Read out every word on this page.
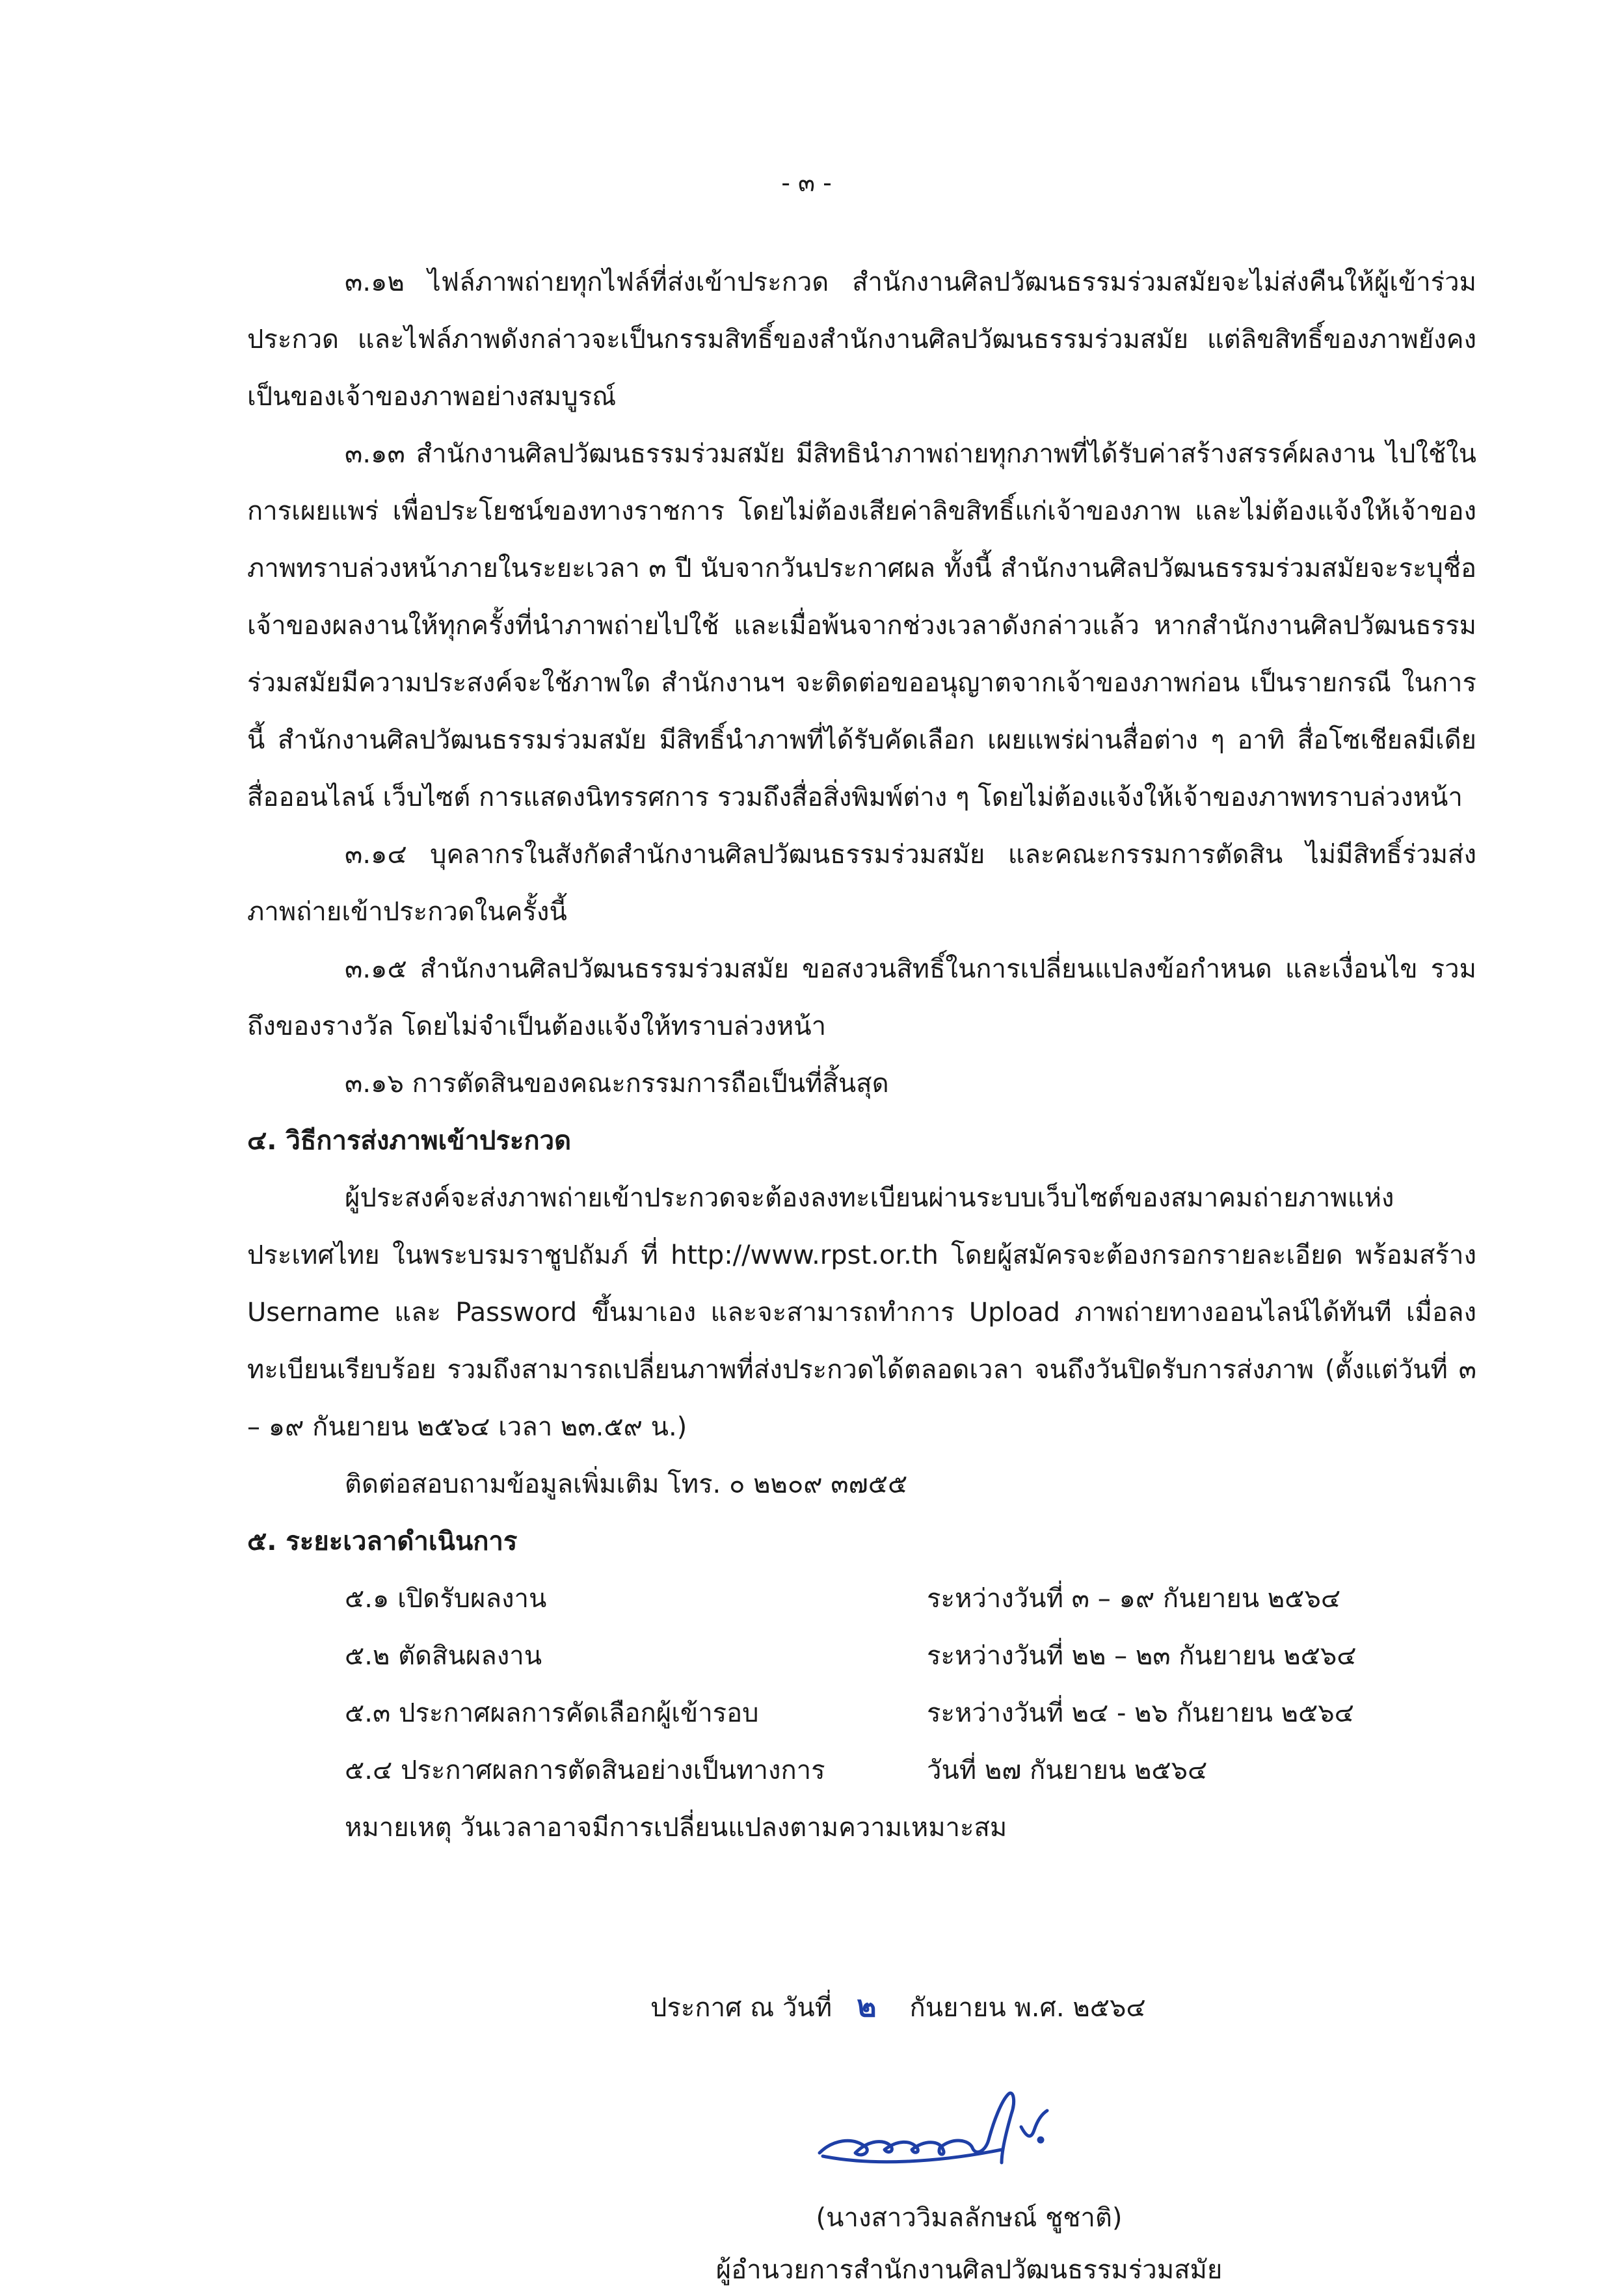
- ๓ -

๓.๑๒ ไฟล์ภาพถ่ายทุกไฟล์ที่ส่งเข้าประกวด สำนักงานศิลปวัฒนธรรมร่วมสมัยจะไม่ส่งคืนให้ผู้เข้าร่วมประกวด และไฟล์ภาพดังกล่าวจะเป็นกรรมสิทธิ์ของสำนักงานศิลปวัฒนธรรมร่วมสมัย แต่ลิขสิทธิ์ของภาพยังคงเป็นของเจ้าของภาพอย่างสมบูรณ์

๓.๑๓ สำนักงานศิลปวัฒนธรรมร่วมสมัย มีสิทธินำภาพถ่ายทุกภาพที่ได้รับค่าสร้างสรรค์ผลงาน ไปใช้ในการเผยแพร่ เพื่อประโยชน์ของทางราชการ โดยไม่ต้องเสียค่าลิขสิทธิ์แก่เจ้าของภาพ และไม่ต้องแจ้งให้เจ้าของภาพทราบล่วงหน้าภายในระยะเวลา ๓ ปี นับจากวันประกาศผล ทั้งนี้ สำนักงานศิลปวัฒนธรรมร่วมสมัยจะระบุชื่อเจ้าของผลงานให้ทุกครั้งที่นำภาพถ่ายไปใช้ และเมื่อพ้นจากช่วงเวลาดังกล่าวแล้ว หากสำนักงานศิลปวัฒนธรรมร่วมสมัยมีความประสงค์จะใช้ภาพใด สำนักงานฯ จะติดต่อขออนุญาตจากเจ้าของภาพก่อน เป็นรายกรณี ในการนี้ สำนักงานศิลปวัฒนธรรมร่วมสมัย มีสิทธิ์นำภาพที่ได้รับคัดเลือก เผยแพร่ผ่านสื่อต่าง ๆ อาทิ สื่อโซเชียลมีเดีย สื่อออนไลน์ เว็บไซต์ การแสดงนิทรรศการ รวมถึงสื่อสิ่งพิมพ์ต่าง ๆ โดยไม่ต้องแจ้งให้เจ้าของภาพทราบล่วงหน้า

๓.๑๔ บุคลากรในสังกัดสำนักงานศิลปวัฒนธรรมร่วมสมัย และคณะกรรมการตัดสิน ไม่มีสิทธิ์ร่วมส่งภาพถ่ายเข้าประกวดในครั้งนี้

๓.๑๕ สำนักงานศิลปวัฒนธรรมร่วมสมัย ขอสงวนสิทธิ์ในการเปลี่ยนแปลงข้อกำหนด และเงื่อนไข รวมถึงของรางวัล โดยไม่จำเป็นต้องแจ้งให้ทราบล่วงหน้า

๓.๑๖ การตัดสินของคณะกรรมการถือเป็นที่สิ้นสุด

๔. วิธีการส่งภาพเข้าประกวด

ผู้ประสงค์จะส่งภาพถ่ายเข้าประกวดจะต้องลงทะเบียนผ่านระบบเว็บไซต์ของสมาคมถ่ายภาพแห่งประเทศไทย ในพระบรมราชูปถัมภ์ ที่ http://www.rpst.or.th โดยผู้สมัครจะต้องกรอกรายละเอียด พร้อมสร้าง Username และ Password ขึ้นมาเอง และจะสามารถทำการ Upload ภาพถ่ายทางออนไลน์ได้ทันที เมื่อลงทะเบียนเรียบร้อย รวมถึงสามารถเปลี่ยนภาพที่ส่งประกวดได้ตลอดเวลา จนถึงวันปิดรับการส่งภาพ (ตั้งแต่วันที่ ๓ – ๑๙ กันยายน ๒๕๖๔ เวลา ๒๓.๕๙ น.)

ติดต่อสอบถามข้อมูลเพิ่มเติม โทร. ๐ ๒๒๐๙ ๓๗๕๕

๕. ระยะเวลาดำเนินการ

๕.๑ เปิดรับผลงาน	ระหว่างวันที่ ๓ – ๑๙ กันยายน ๒๕๖๔
๕.๒ ตัดสินผลงาน	ระหว่างวันที่ ๒๒ – ๒๓ กันยายน ๒๕๖๔
๕.๓ ประกาศผลการคัดเลือกผู้เข้ารอบ	ระหว่างวันที่ ๒๔ - ๒๖ กันยายน ๒๕๖๔
๕.๔ ประกาศผลการตัดสินอย่างเป็นทางการ	วันที่ ๒๗ กันยายน ๒๕๖๔

หมายเหตุ วันเวลาอาจมีการเปลี่ยนแปลงตามความเหมาะสม

ประกาศ ณ วันที่ ๒ กันยายน พ.ศ. ๒๕๖๔
(นางสาววิมลลักษณ์ ชูชาติ)
ผู้อำนวยการสำนักงานศิลปวัฒนธรรมร่วมสมัย
